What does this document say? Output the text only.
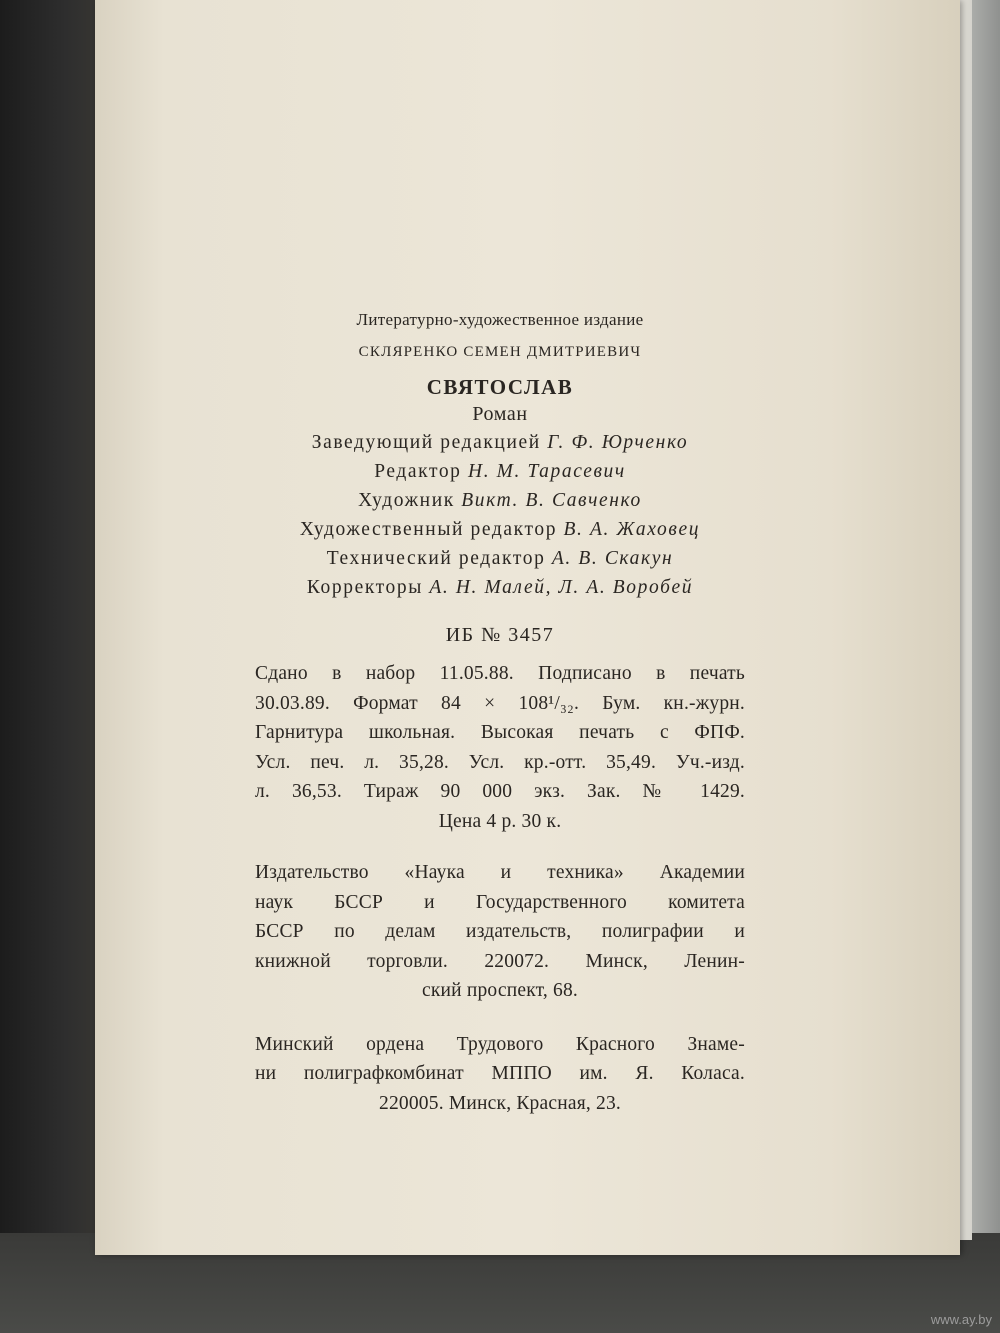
Литературно-художественное издание
СКЛЯРЕНКО СЕМЕН ДМИТРИЕВИЧ
СВЯТОСЛАВ
Роман
Заведующий редакцией Г. Ф. Юрченко
Редактор Н. М. Тарасевич
Художник Викт. В. Савченко
Художественный редактор В. А. Жаховец
Технический редактор А. В. Скакун
Корректоры А. Н. Малей, Л. А. Воробей
ИБ № 3457
Сдано в набор 11.05.88. Подписано в печать
30.03.89. Формат 84 × 108¹/₃₂. Бум. кн.-журн.
Гарнитура школьная. Высокая печать с ФПФ.
Усл. печ. л. 35,28. Усл. кр.-отт. 35,49. Уч.-изд.
л. 36,53. Тираж 90 000 экз. Зак. № 1429.
Цена 4 р. 30 к.
Издательство «Наука и техника» Академии
наук БССР и Государственного комитета
БССР по делам издательств, полиграфии и
книжной торговли. 220072. Минск, Ленин-
ский проспект, 68.
Минский ордена Трудового Красного Знаме-
ни полиграфкомбинат МППО им. Я. Коласа.
220005. Минск, Красная, 23.
www.ay.by
